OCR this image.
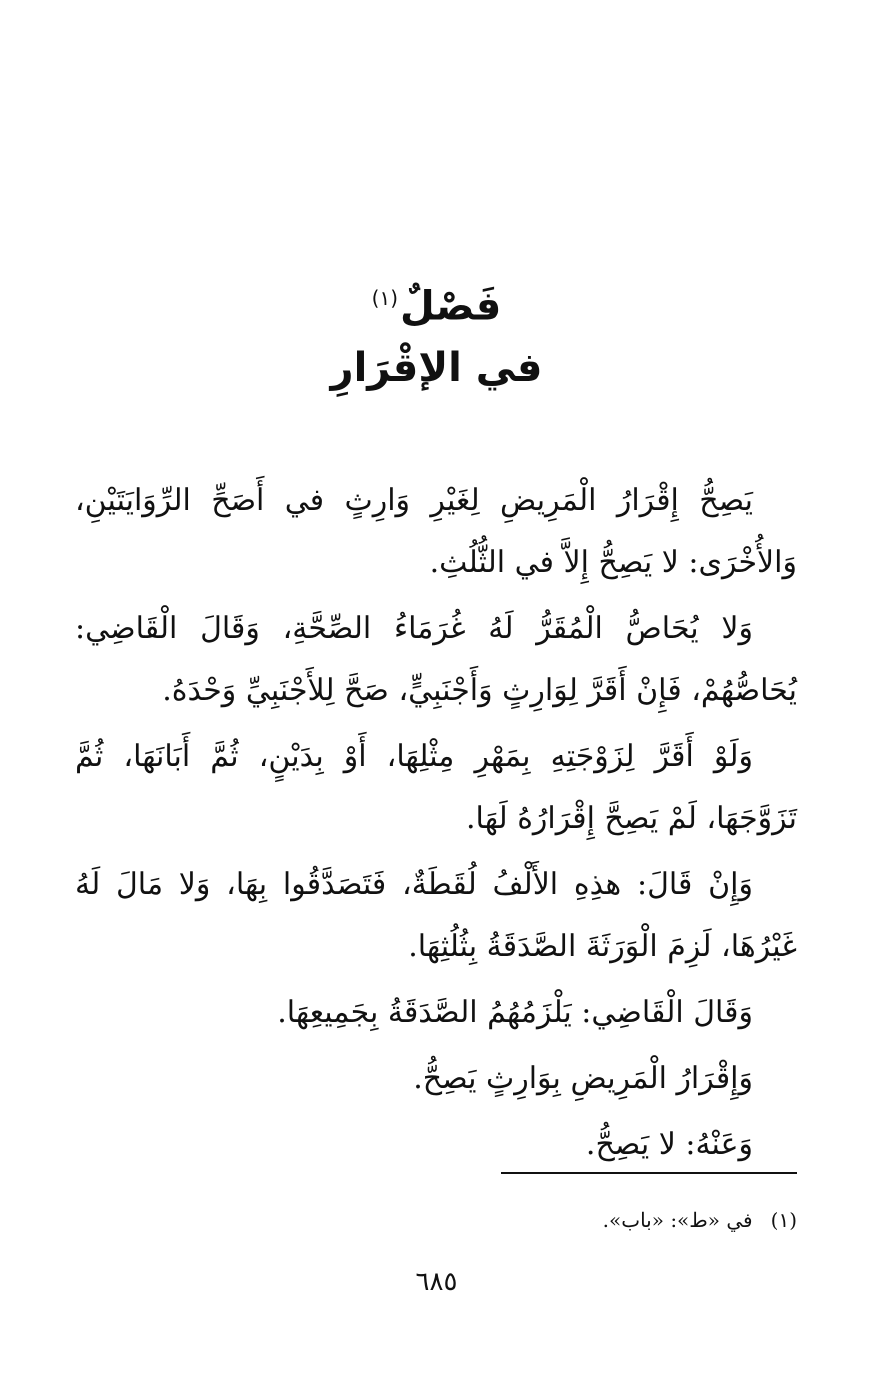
فَصْلٌ$^{(١)}$
في الإقْرَارِ

يَصِحُّ إِقْرَارُ الْمَرِيضِ لِغَيْرِ وَارِثٍ في أَصَحِّ الرِّوَايَتَيْنِ، وَالأُخْرَى: لا يَصِحُّ إِلاَّ في الثُّلُثِ.

وَلا يُحَاصُّ الْمُقَرُّ لَهُ غُرَمَاءُ الصِّحَّةِ، وَقَالَ الْقَاضِي: يُحَاصُّهُمْ، فَإِنْ أَقَرَّ لِوَارِثٍ وَأَجْنَبِيٍّ، صَحَّ لِلأَجْنَبِيِّ وَحْدَهُ.

وَلَوْ أَقَرَّ لِزَوْجَتِهِ بِمَهْرِ مِثْلِهَا، أَوْ بِدَيْنٍ، ثُمَّ أَبَانَهَا، ثُمَّ تَزَوَّجَهَا، لَمْ يَصِحَّ إِقْرَارُهُ لَهَا.

وَإِنْ قَالَ: هذِهِ الأَلْفُ لُقَطَةٌ، فَتَصَدَّقُوا بِهَا، وَلا مَالَ لَهُ غَيْرُهَا، لَزِمَ الْوَرَثَةَ الصَّدَقَةُ بِثُلُثِهَا.

وَقَالَ الْقَاضِي: يَلْزَمُهُمُ الصَّدَقَةُ بِجَمِيعِهَا.

وَإِقْرَارُ الْمَرِيضِ بِوَارِثٍ يَصِحُّ.

وَعَنْهُ: لا يَصِحُّ.

(١)في «ط»: «باب».
٦٨٥
